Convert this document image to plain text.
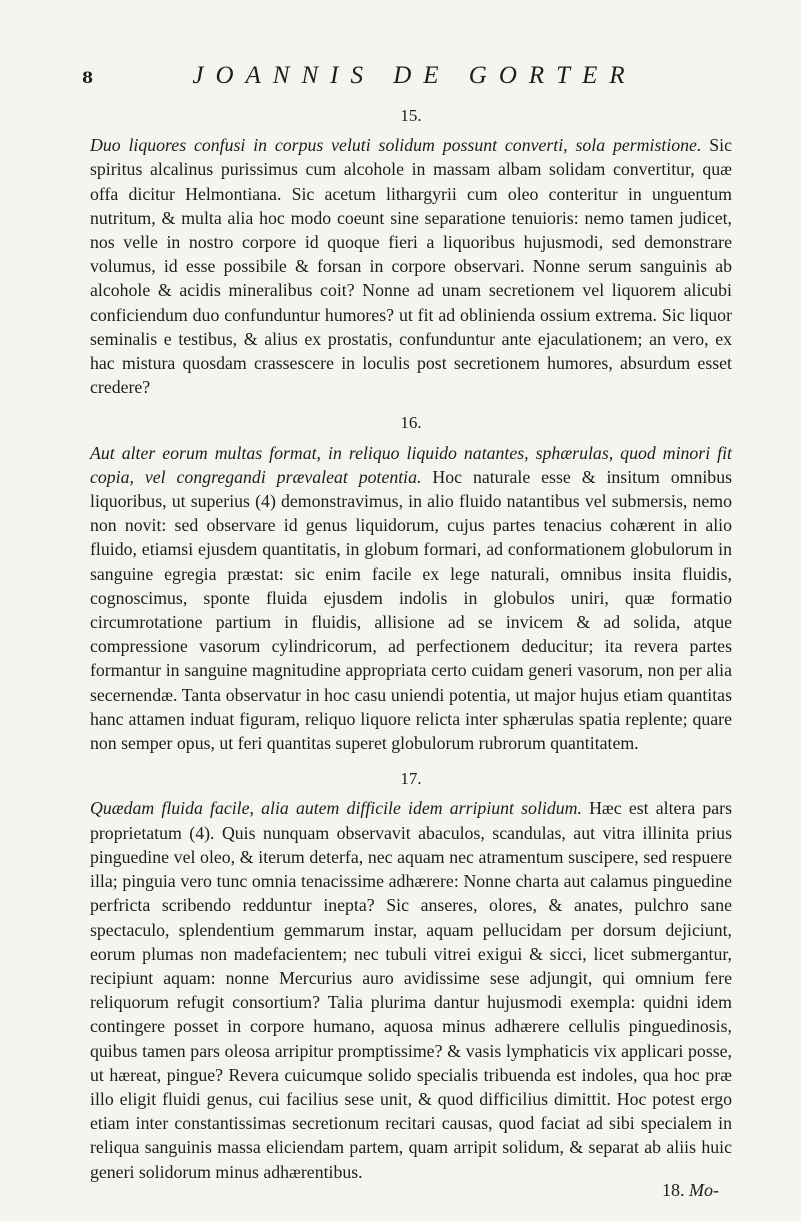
8	JOANNIS DE GORTER
15.

Duo liquores confusi in corpus veluti solidum possunt converti, sola permistione. Sic spiritus alcalinus purissimus cum alcohole in massam albam solidam convertitur, quæ offa dicitur Helmontiana. Sic acetum lithargyrii cum oleo conteritur in unguentum nutritum, & multa alia hoc modo coeunt sine separatione tenuioris: nemo tamen judicet, nos velle in nostro corpore id quoque fieri a liquoribus hujusmodi, sed demonstrare volumus, id esse possibile & forsan in corpore observari. Nonne serum sanguinis ab alcohole & acidis mineralibus coit? Nonne ad unam secretionem vel liquorem alicubi conficiendum duo confunduntur humores? ut fit ad oblinienda ossium extrema. Sic liquor seminalis e testibus, & alius ex prostatis, confunduntur ante ejaculationem; an vero, ex hac mistura quosdam crassescere in loculis post secretionem humores, absurdum esset credere?

16.

Aut alter eorum multas format, in reliquo liquido natantes, sphærulas, quod minori fit copia, vel congregandi prævaleat potentia. Hoc naturale esse & insitum omnibus liquoribus, ut superius (4) demonstravimus, in alio fluido natantibus vel submersis, nemo non novit: sed observare id genus liquidorum, cujus partes tenacius cohærent in alio fluido, etiamsi ejusdem quantitatis, in globum formari, ad conformationem globulorum in sanguine egregia præstat: sic enim facile ex lege naturali, omnibus insita fluidis, cognoscimus, sponte fluida ejusdem indolis in globulos uniri, quæ formatio circumrotatione partium in fluidis, allisione ad se invicem & ad solida, atque compressione vasorum cylindricorum, ad perfectionem deducitur; ita revera partes formantur in sanguine magnitudine appropriata certo cuidam generi vasorum, non per alia secernendæ. Tanta observatur in hoc casu uniendi potentia, ut major hujus etiam quantitas hanc attamen induat figuram, reliquo liquore relicta inter sphærulas spatia replente; quare non semper opus, ut feri quantitas superet globulorum rubrorum quantitatem.

17.

Quædam fluida facile, alia autem difficile idem arripiunt solidum. Hæc est altera pars proprietatum (4). Quis nunquam observavit abaculos, scandulas, aut vitra illinita prius pinguedine vel oleo, & iterum deterfa, nec aquam nec atramentum suscipere, sed respuere illa; pinguia vero tunc omnia tenacissime adhærere: Nonne charta aut calamus pinguedine perfricta scribendo redduntur inepta? Sic anseres, olores, & anates, pulchro sane spectaculo, splendentium gemmarum instar, aquam pellucidam per dorsum dejiciunt, eorum plumas non madefacientem; nec tubuli vitrei exigui & sicci, licet submergantur, recipiunt aquam: nonne Mercurius auro avidissime sese adjungit, qui omnium fere reliquorum refugit consortium? Talia plurima dantur hujusmodi exempla: quidni idem contingere posset in corpore humano, aquosa minus adhærere cellulis pinguedinosis, quibus tamen pars oleosa arripitur promptissime? & vasis lymphaticis vix applicari posse, ut hæreat, pingue? Revera cuicumque solido specialis tribuenda est indoles, qua hoc præ illo eligit fluidi genus, cui facilius sese unit, & quod difficilius dimittit. Hoc potest ergo etiam inter constantissimas secretionum recitari causas, quod faciat ad sibi specialem in reliqua sanguinis massa eliciendam partem, quam arripit solidum, & separat ab aliis huic generi solidorum minus adhærentibus.

18. Mo-
